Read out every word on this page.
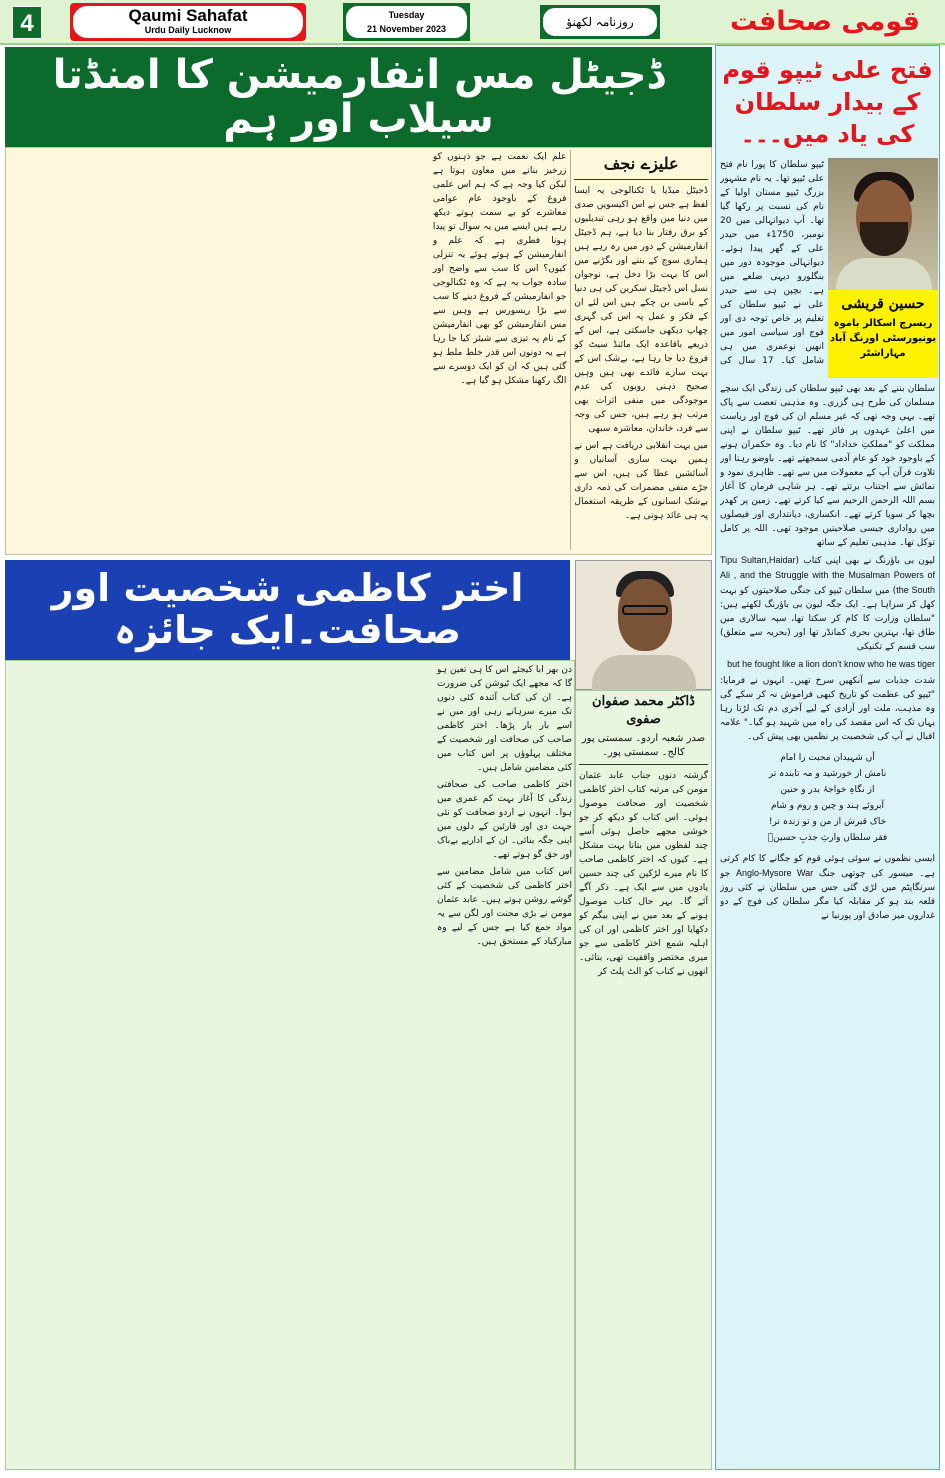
4	Qaumi Sahafat
Urdu Daily Lucknow
Tuesday
21 November 2023	روزنامہ لکھنؤ	قومی صحافت
ڈجیٹل مس انفارمیشن کا امنڈتا سیلاب اور ہم
علیزے نجف

ڈجیٹل میڈیا یا ٹکنالوجی یہ ایسا لفظ ہے جس نے اس اکیسویں صدی میں دنیا میں واقع ہو رہی تبدیلیوں کو برق رفتار بنا دیا ہے، ہم ڈجیٹل انفارمیشن کے دور میں رہ رہے ہیں ہماری سوچ کے بننے اور بگڑنے میں اس کا بہت بڑا دخل ہے، نوجوان نسل اس ڈجیٹل سکرین کی ہی دنیا کے باسی بن چکے ہیں اس لئے ان کے فکر و عمل پہ اس کی گہری چھاپ دیکھی جاسکتی ہے، اس کے ذریعے باقاعدہ ایک مائنڈ سیٹ کو فروغ دیا جا رہا ہے، بےشک اس کے بہت سارے فائدے بھی ہیں وہیں صحیح ذہنی رویوں کی عدم موجودگی میں منفی اثرات بھی مرتب ہو رہے ہیں، جس کی وجہ سے فرد، خاندان، معاشرہ سبھی

میں بہت انقلابی دریافت ہے اس نے ہمیں بہت ساری آسانیاں و آسائشیں عطا کی ہیں، اس سے جڑے منفی مضمرات کی ذمہ داری بےشک انسانوں کے طریقہ استعمال پہ ہی عائد ہوتی ہے۔

علم ایک نعمت ہے جو ذہنوں کو زرخیز بنانے میں معاون ہوتا ہے لیکن کیا وجہ ہے کہ ہم اس علمی فروغ کے باوجود عام عوامی معاشرے کو بے سمت ہوتے دیکھ رہے ہیں ایسے میں یہ سوال تو پیدا ہونا فطری ہے کہ علم و انفارمیشن کے ہوتے ہوئے یہ تنزلی کیوں؟ اس کا سب سے واضح اور سادہ جواب یہ ہے کہ وہ ٹکنالوجی جو انفارمیشن کے فروغ دینے کا سب سے بڑا ریسورس ہے وہیں سے مس انفارمیشن کو بھی انفارمیشن کے نام پہ تیزی سے شیئر کیا جا رہا ہے یہ دونوں اس قدر خلط ملط ہو گئی ہیں کہ ان کو ایک دوسرے سے الگ رکھنا مشکل ہو گیا ہے۔

فتح علی ٹیپو قوم کے بیدار سلطان کی یاد میں۔۔۔
حسین قریشی
ریسرچ اسکالر باموہ یونیورسٹی اورنگ آباد مہاراشٹر

ٹیپو سلطان کا پورا نام فتح علی ٹیپو تھا۔ یہ نام مشہور بزرگ ٹیپو مستان اولیا کے نام کی نسبت پر رکھا گیا تھا۔ آپ دیوانہالی میں 20 نومبر، 1750ء میں حیدر علی کے گھر پیدا ہوئے۔ دیوانہالی موجودہ دور میں بنگلورو دیہی ضلعے میں ہے۔ بچپن ہی سے حیدر علی نے ٹیپو سلطان کی تعلیم پر خاص توجہ دی اور فوج اور سیاسی امور میں انھیں نوعمری میں ہی شامل کیا۔ 17 سال کی

سلطان بننے کے بعد بھی ٹیپو سلطان کی زندگی ایک سچے مسلمان کی طرح ہی گزری۔ وہ مذہبی تعصب سے پاک تھے۔ یہی وجہ تھی کہ غیر مسلم ان کی فوج اور ریاست میں اعلیٰ عہدوں پر فائز تھے۔ ٹیپو سلطان نے اپنی مملکت کو "مملکتِ خداداد" کا نام دیا۔ وہ حکمران ہونے کے باوجود خود کو عام آدمی سمجھتے تھے۔ باوضو رہنا اور تلاوت قرآن آپ کے معمولات میں سے تھے۔ ظاہری نمود و نمائش سے اجتناب برتتے تھے۔ ہر شاہی فرمان کا آغاز بسم اللہ الرحمن الرحیم سے کیا کرتے تھے۔ زمین پر کھدر بچھا کر سویا کرتے تھے۔ انکساری، دیانتداری اور فیصلوں میں رواداری جیسی صلاحیتیں موجود تھی۔ اللہ پر کامل توکل تھا۔ مذہبی تعلیم کے ساتھ

لیون بی باؤرنگ نے بھی اپنی کتاب (Tipu Sultan,Haidar Ali , and the Struggle with the Musalman Powers of the South) میں سلطان ٹیپو کی جنگی صلاحیتوں کو بہت کھل کر سراہا ہے۔ ایک جگہ لیون بی باؤرنگ لکھتے ہیں: "سلطان وزارت کا کام کر سکتا تھا، سپہ سالاری میں طاق تھا، بہترین بحری کمانڈر تھا اور (بحریہ سے متعلق) سب قسم کے تکنیکی

but he fought like a lion don't know who he was tiger

شدت جذبات سے آنکھیں سرخ تھیں۔ انہوں نے فرمایا: "ٹیپو کی عظمت کو تاریخ کبھی فراموش نہ کر سکے گی وہ مذہب، ملت اور آزادی کے لیے آخری دم تک لڑتا رہا یہاں تک کہ اس مقصد کی راہ میں شہید ہو گیا۔" علامہ اقبال نے آپ کی شخصیت پر نظمیں بھی پیش کی۔

آں شہیدان محبت را امام
نامش از خورشید و مہ تابندہ تر
از نگاہِ خواجۂ بدر و حنین
آبروئے ہند و چین و روم و شام
خاک قبرش از من و تو زندہ تر!
فقر سلطاں وارثِ جذبِ حسینؓ

ایسی نظموں نے سوئی ہوئی قوم کو جگانے کا کام کرتی ہے۔ میسور کی چوتھی جنگ Anglo-Mysore War جو سرنگاپٹم میں لڑی گئی جس میں سلطان نے کئی روز قلعہ بند ہو کر مقابلہ کیا مگر سلطان کی فوج کے دو غداروں میر صادق اور پورنیا نے

اختر کاظمی شخصیت اور صحافت۔ایک جائزہ
ڈاکٹر محمد صفوان صفوی
صدر شعبہ اردو۔ سمستی پور کالج۔ سمستی پور۔

گزشتہ دنوں جناب عابد عثمان مومن کی مرتبہ کتاب اختر کاظمی شخصیت اور صحافت موصول ہوئی۔ اس کتاب کو دیکھ کر جو خوشی مجھے حاصل ہوئی اُسے چند لفظوں میں بتانا بہت مشکل ہے۔ کیوں کہ اختر کاظمی صاحب کا نام میرے لڑکپن کی چند حسین یادوں میں سے ایک ہے۔ ذکر آگے آئے گا۔ بہر حال کتاب موصول ہونے کے بعد میں نے اپنی بیگم کو دکھایا اور اختر کاظمی اور ان کی اہلیہ شمع اختر کاظمی سے جو میری مختصر واقفیت تھی، بتائی۔ انھوں نے کتاب کو الٹ پلٹ کر

دن بھر ابا کیجئے اس کا ہی تعین ہو گا کہ مجھے ایک ٹیوشن کی ضرورت ہے۔ ان کی کتاب آئندہ کئی دنوں تک میرے سرہانے رہی اور میں نے اسے بار بار پڑھا۔ اختر کاظمی صاحب کی صحافت اور شخصیت کے مختلف پہلوؤں پر اس کتاب میں کئی مضامین شامل ہیں۔

اختر کاظمی صاحب کی صحافتی زندگی کا آغاز بہت کم عمری میں ہوا۔ انہوں نے اردو صحافت کو نئی جہت دی اور قارئین کے دلوں میں اپنی جگہ بنائی۔ ان کے اداریے بےباک اور حق گو ہوتے تھے۔

اس کتاب میں شامل مضامین سے اختر کاظمی کی شخصیت کے کئی گوشے روشن ہوتے ہیں۔ عابد عثمان مومن نے بڑی محنت اور لگن سے یہ مواد جمع کیا ہے جس کے لیے وہ مبارکباد کے مستحق ہیں۔
